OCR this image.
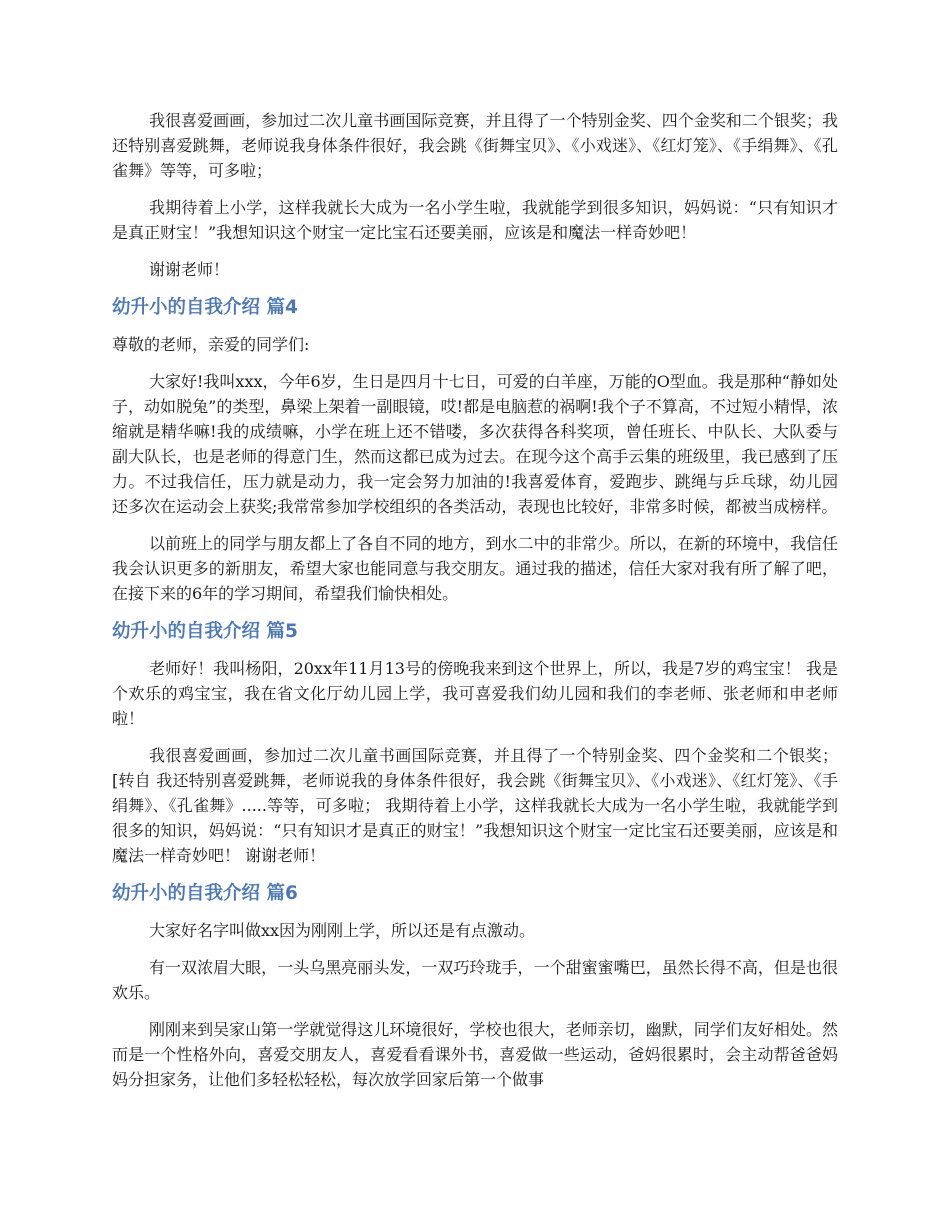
我很喜爱画画，参加过二次儿童书画国际竞赛，并且得了一个特别金奖、四个金奖和二个银奖；我还特别喜爱跳舞，老师说我身体条件很好，我会跳《街舞宝贝》、《小戏迷》、《红灯笼》、《手绢舞》、《孔雀舞》等等，可多啦；

我期待着上小学，这样我就长大成为一名小学生啦，我就能学到很多知识，妈妈说：“只有知识才是真正财宝！”我想知识这个财宝一定比宝石还要美丽，应该是和魔法一样奇妙吧！

谢谢老师！

幼升小的自我介绍 篇4

尊敬的老师，亲爱的同学们:

大家好!我叫xxx，今年6岁，生日是四月十七日，可爱的白羊座，万能的O型血。我是那种“静如处子，动如脱兔”的类型，鼻梁上架着一副眼镜，哎!都是电脑惹的祸啊!我个子不算高，不过短小精悍，浓缩就是精华嘛!我的成绩嘛，小学在班上还不错喽，多次获得各科奖项，曾任班长、中队长、大队委与副大队长，也是老师的得意门生，然而这都已成为过去。在现今这个高手云集的班级里，我已感到了压力。不过我信任，压力就是动力，我一定会努力加油的!我喜爱体育，爱跑步、跳绳与乒乓球，幼儿园还多次在运动会上获奖;我常常参加学校组织的各类活动，表现也比较好，非常多时候，都被当成榜样。

以前班上的同学与朋友都上了各自不同的地方，到水二中的非常少。所以，在新的环境中，我信任我会认识更多的新朋友，希望大家也能同意与我交朋友。通过我的描述，信任大家对我有所了解了吧，在接下来的6年的学习期间，希望我们愉快相处。

幼升小的自我介绍 篇5

老师好！我叫杨阳，20xx年11月13号的傍晚我来到这个世界上，所以，我是7岁的鸡宝宝！ 我是个欢乐的鸡宝宝，我在省文化厅幼儿园上学，我可喜爱我们幼儿园和我们的李老师、张老师和申老师啦！

我很喜爱画画，参加过二次儿童书画国际竞赛，并且得了一个特别金奖、四个金奖和二个银奖；[转自 我还特别喜爱跳舞，老师说我的身体条件很好，我会跳《街舞宝贝》、《小戏迷》、《红灯笼》、《手绢舞》、《孔雀舞》.....等等，可多啦； 我期待着上小学，这样我就长大成为一名小学生啦，我就能学到很多的知识，妈妈说：“只有知识才是真正的财宝！”我想知识这个财宝一定比宝石还要美丽，应该是和魔法一样奇妙吧！ 谢谢老师！

幼升小的自我介绍 篇6

大家好名字叫做xx因为刚刚上学，所以还是有点激动。

有一双浓眉大眼，一头乌黑亮丽头发，一双巧玲珑手，一个甜蜜蜜嘴巴，虽然长得不高，但是也很欢乐。

刚刚来到吴家山第一学就觉得这儿环境很好，学校也很大，老师亲切，幽默，同学们友好相处。然而是一个性格外向，喜爱交朋友人，喜爱看看课外书，喜爱做一些运动，爸妈很累时，会主动帮爸爸妈妈分担家务，让他们多轻松轻松，每次放学回家后第一个做事
